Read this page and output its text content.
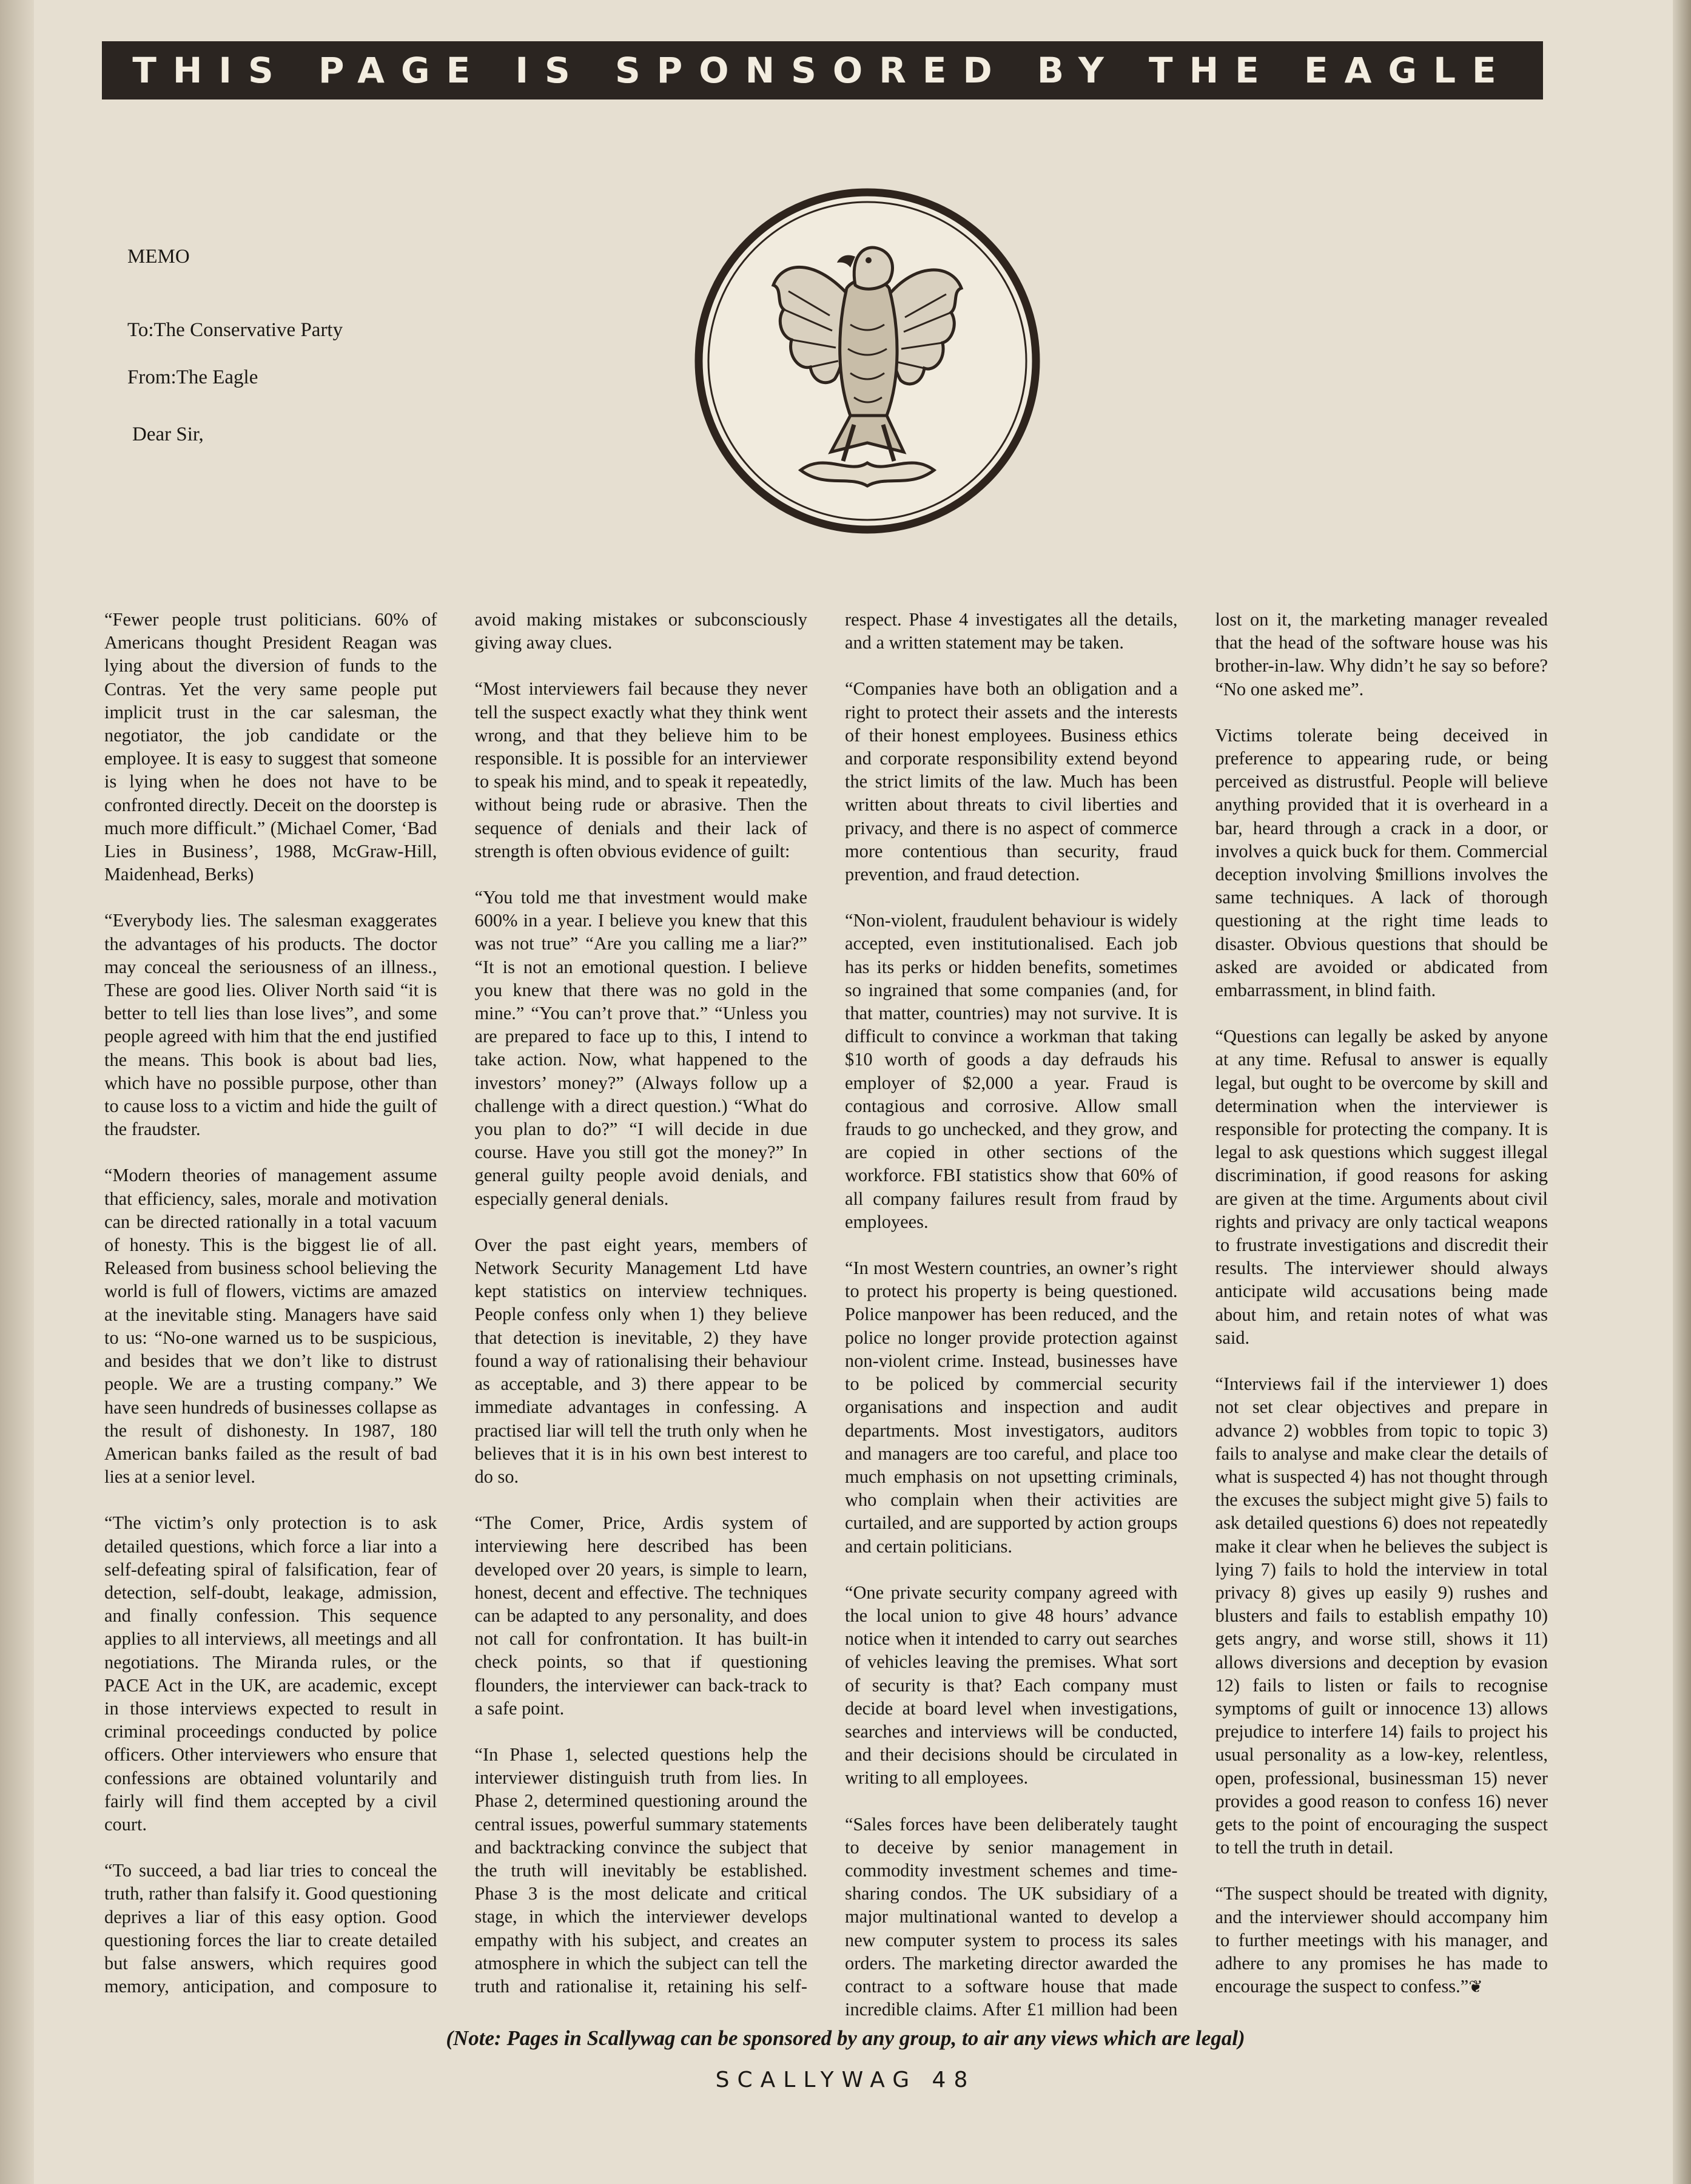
THIS PAGE IS SPONSORED BY THE EAGLE
MEMO
To:The Conservative Party
From:The Eagle
Dear Sir,

“Fewer people trust politicians. 60% of Americans thought President Reagan was lying about the diversion of funds to the Contras. Yet the very same people put implicit trust in the car salesman, the negotiator, the job candidate or the employee. It is easy to suggest that someone is lying when he does not have to be confronted directly. Deceit on the doorstep is much more difficult.” (Michael Comer, ‘Bad Lies in Business’, 1988, McGraw-Hill, Maidenhead, Berks)

“Everybody lies. The salesman exaggerates the advantages of his products. The doctor may conceal the seriousness of an illness., These are good lies. Oliver North said “it is better to tell lies than lose lives”, and some people agreed with him that the end justified the means. This book is about bad lies, which have no possible purpose, other than to cause loss to a victim and hide the guilt of the fraudster.

“Modern theories of management assume that efficiency, sales, morale and motivation can be directed rationally in a total vacuum of honesty. This is the biggest lie of all. Released from business school believing the world is full of flowers, victims are amazed at the inevitable sting. Managers have said to us: “No-one warned us to be suspicious, and besides that we don’t like to distrust people. We are a trusting company.” We have seen hundreds of businesses collapse as the result of dishonesty. In 1987, 180 American banks failed as the result of bad lies at a senior level.

“The victim’s only protection is to ask detailed questions, which force a liar into a self-defeating spiral of falsification, fear of detection, self-doubt, leakage, admission, and finally confession. This sequence applies to all interviews, all meetings and all negotiations. The Miranda rules, or the PACE Act in the UK, are academic, except in those interviews expected to result in criminal proceedings conducted by police officers. Other interviewers who ensure that confessions are obtained voluntarily and fairly will find them accepted by a civil court.

“To succeed, a bad liar tries to conceal the truth, rather than falsify it. Good questioning deprives a liar of this easy option. Good questioning forces the liar to create detailed but false answers, which requires good memory, anticipation, and composure to avoid making mistakes or subconsciously giving away clues.

“Most interviewers fail because they never tell the suspect exactly what they think went wrong, and that they believe him to be responsible. It is possible for an interviewer to speak his mind, and to speak it repeatedly, without being rude or abrasive. Then the sequence of denials and their lack of strength is often obvious evidence of guilt:

“You told me that investment would make 600% in a year. I believe you knew that this was not true” “Are you calling me a liar?” “It is not an emotional question. I believe you knew that there was no gold in the mine.” “You can’t prove that.” “Unless you are prepared to face up to this, I intend to take action. Now, what happened to the investors’ money?” (Always follow up a challenge with a direct question.) “What do you plan to do?” “I will decide in due course. Have you still got the money?” In general guilty people avoid denials, and especially general denials.

Over the past eight years, members of Network Security Management Ltd have kept statistics on interview techniques. People confess only when 1) they believe that detection is inevitable, 2) they have found a way of rationalising their behaviour as acceptable, and 3) there appear to be immediate advantages in confessing. A practised liar will tell the truth only when he believes that it is in his own best interest to do so.

“The Comer, Price, Ardis system of interviewing here described has been developed over 20 years, is simple to learn, honest, decent and effective. The techniques can be adapted to any personality, and does not call for confrontation. It has built-in check points, so that if questioning flounders, the interviewer can back-track to a safe point.

“In Phase 1, selected questions help the interviewer distinguish truth from lies. In Phase 2, determined questioning around the central issues, powerful summary statements and backtracking convince the subject that the truth will inevitably be established. Phase 3 is the most delicate and critical stage, in which the interviewer develops empathy with his subject, and creates an atmosphere in which the subject can tell the truth and rationalise it, retaining his self-respect. Phase 4 investigates all the details, and a written statement may be taken.

“Companies have both an obligation and a right to protect their assets and the interests of their honest employees. Business ethics and corporate responsibility extend beyond the strict limits of the law. Much has been written about threats to civil liberties and privacy, and there is no aspect of commerce more contentious than security, fraud prevention, and fraud detection.

“Non-violent, fraudulent behaviour is widely accepted, even institutionalised. Each job has its perks or hidden benefits, sometimes so ingrained that some companies (and, for that matter, countries) may not survive. It is difficult to convince a workman that taking $10 worth of goods a day defrauds his employer of $2,000 a year. Fraud is contagious and corrosive. Allow small frauds to go unchecked, and they grow, and are copied in other sections of the workforce. FBI statistics show that 60% of all company failures result from fraud by employees.

“In most Western countries, an owner’s right to protect his property is being questioned. Police manpower has been reduced, and the police no longer provide protection against non-violent crime. Instead, businesses have to be policed by commercial security organisations and inspection and audit departments. Most investigators, auditors and managers are too careful, and place too much emphasis on not upsetting criminals, who complain when their activities are curtailed, and are supported by action groups and certain politicians.

“One private security company agreed with the local union to give 48 hours’ advance notice when it intended to carry out searches of vehicles leaving the premises. What sort of security is that? Each company must decide at board level when investigations, searches and interviews will be conducted, and their decisions should be circulated in writing to all employees.

“Sales forces have been deliberately taught to deceive by senior management in commodity investment schemes and time-sharing condos. The UK subsidiary of a major multinational wanted to develop a new computer system to process its sales orders. The marketing director awarded the contract to a software house that made incredible claims. After £1 million had been lost on it, the marketing manager revealed that the head of the software house was his brother-in-law. Why didn’t he say so before? “No one asked me”.

Victims tolerate being deceived in preference to appearing rude, or being perceived as distrustful. People will believe anything provided that it is overheard in a bar, heard through a crack in a door, or involves a quick buck for them. Commercial deception involving $millions involves the same techniques. A lack of thorough questioning at the right time leads to disaster. Obvious questions that should be asked are avoided or abdicated from embarrassment, in blind faith.

“Questions can legally be asked by anyone at any time. Refusal to answer is equally legal, but ought to be overcome by skill and determination when the interviewer is responsible for protecting the company. It is legal to ask questions which suggest illegal discrimination, if good reasons for asking are given at the time. Arguments about civil rights and privacy are only tactical weapons to frustrate investigations and discredit their results. The interviewer should always anticipate wild accusations being made about him, and retain notes of what was said.

“Interviews fail if the interviewer 1) does not set clear objectives and prepare in advance 2) wobbles from topic to topic 3) fails to analyse and make clear the details of what is suspected 4) has not thought through the excuses the subject might give 5) fails to ask detailed questions 6) does not repeatedly make it clear when he believes the subject is lying 7) fails to hold the interview in total privacy 8) gives up easily 9) rushes and blusters and fails to establish empathy 10) gets angry, and worse still, shows it 11) allows diversions and deception by evasion 12) fails to listen or fails to recognise symptoms of guilt or innocence 13) allows prejudice to interfere 14) fails to project his usual personality as a low-key, relentless, open, professional, businessman 15) never provides a good reason to confess 16) never gets to the point of encouraging the suspect to tell the truth in detail.

“The suspect should be treated with dignity, and the interviewer should accompany him to further meetings with his manager, and adhere to any promises he has made to encourage the suspect to confess.”❦

(Note: Pages in Scallywag can be sponsored by any group, to air any views which are legal)
SCALLYWAG 48
